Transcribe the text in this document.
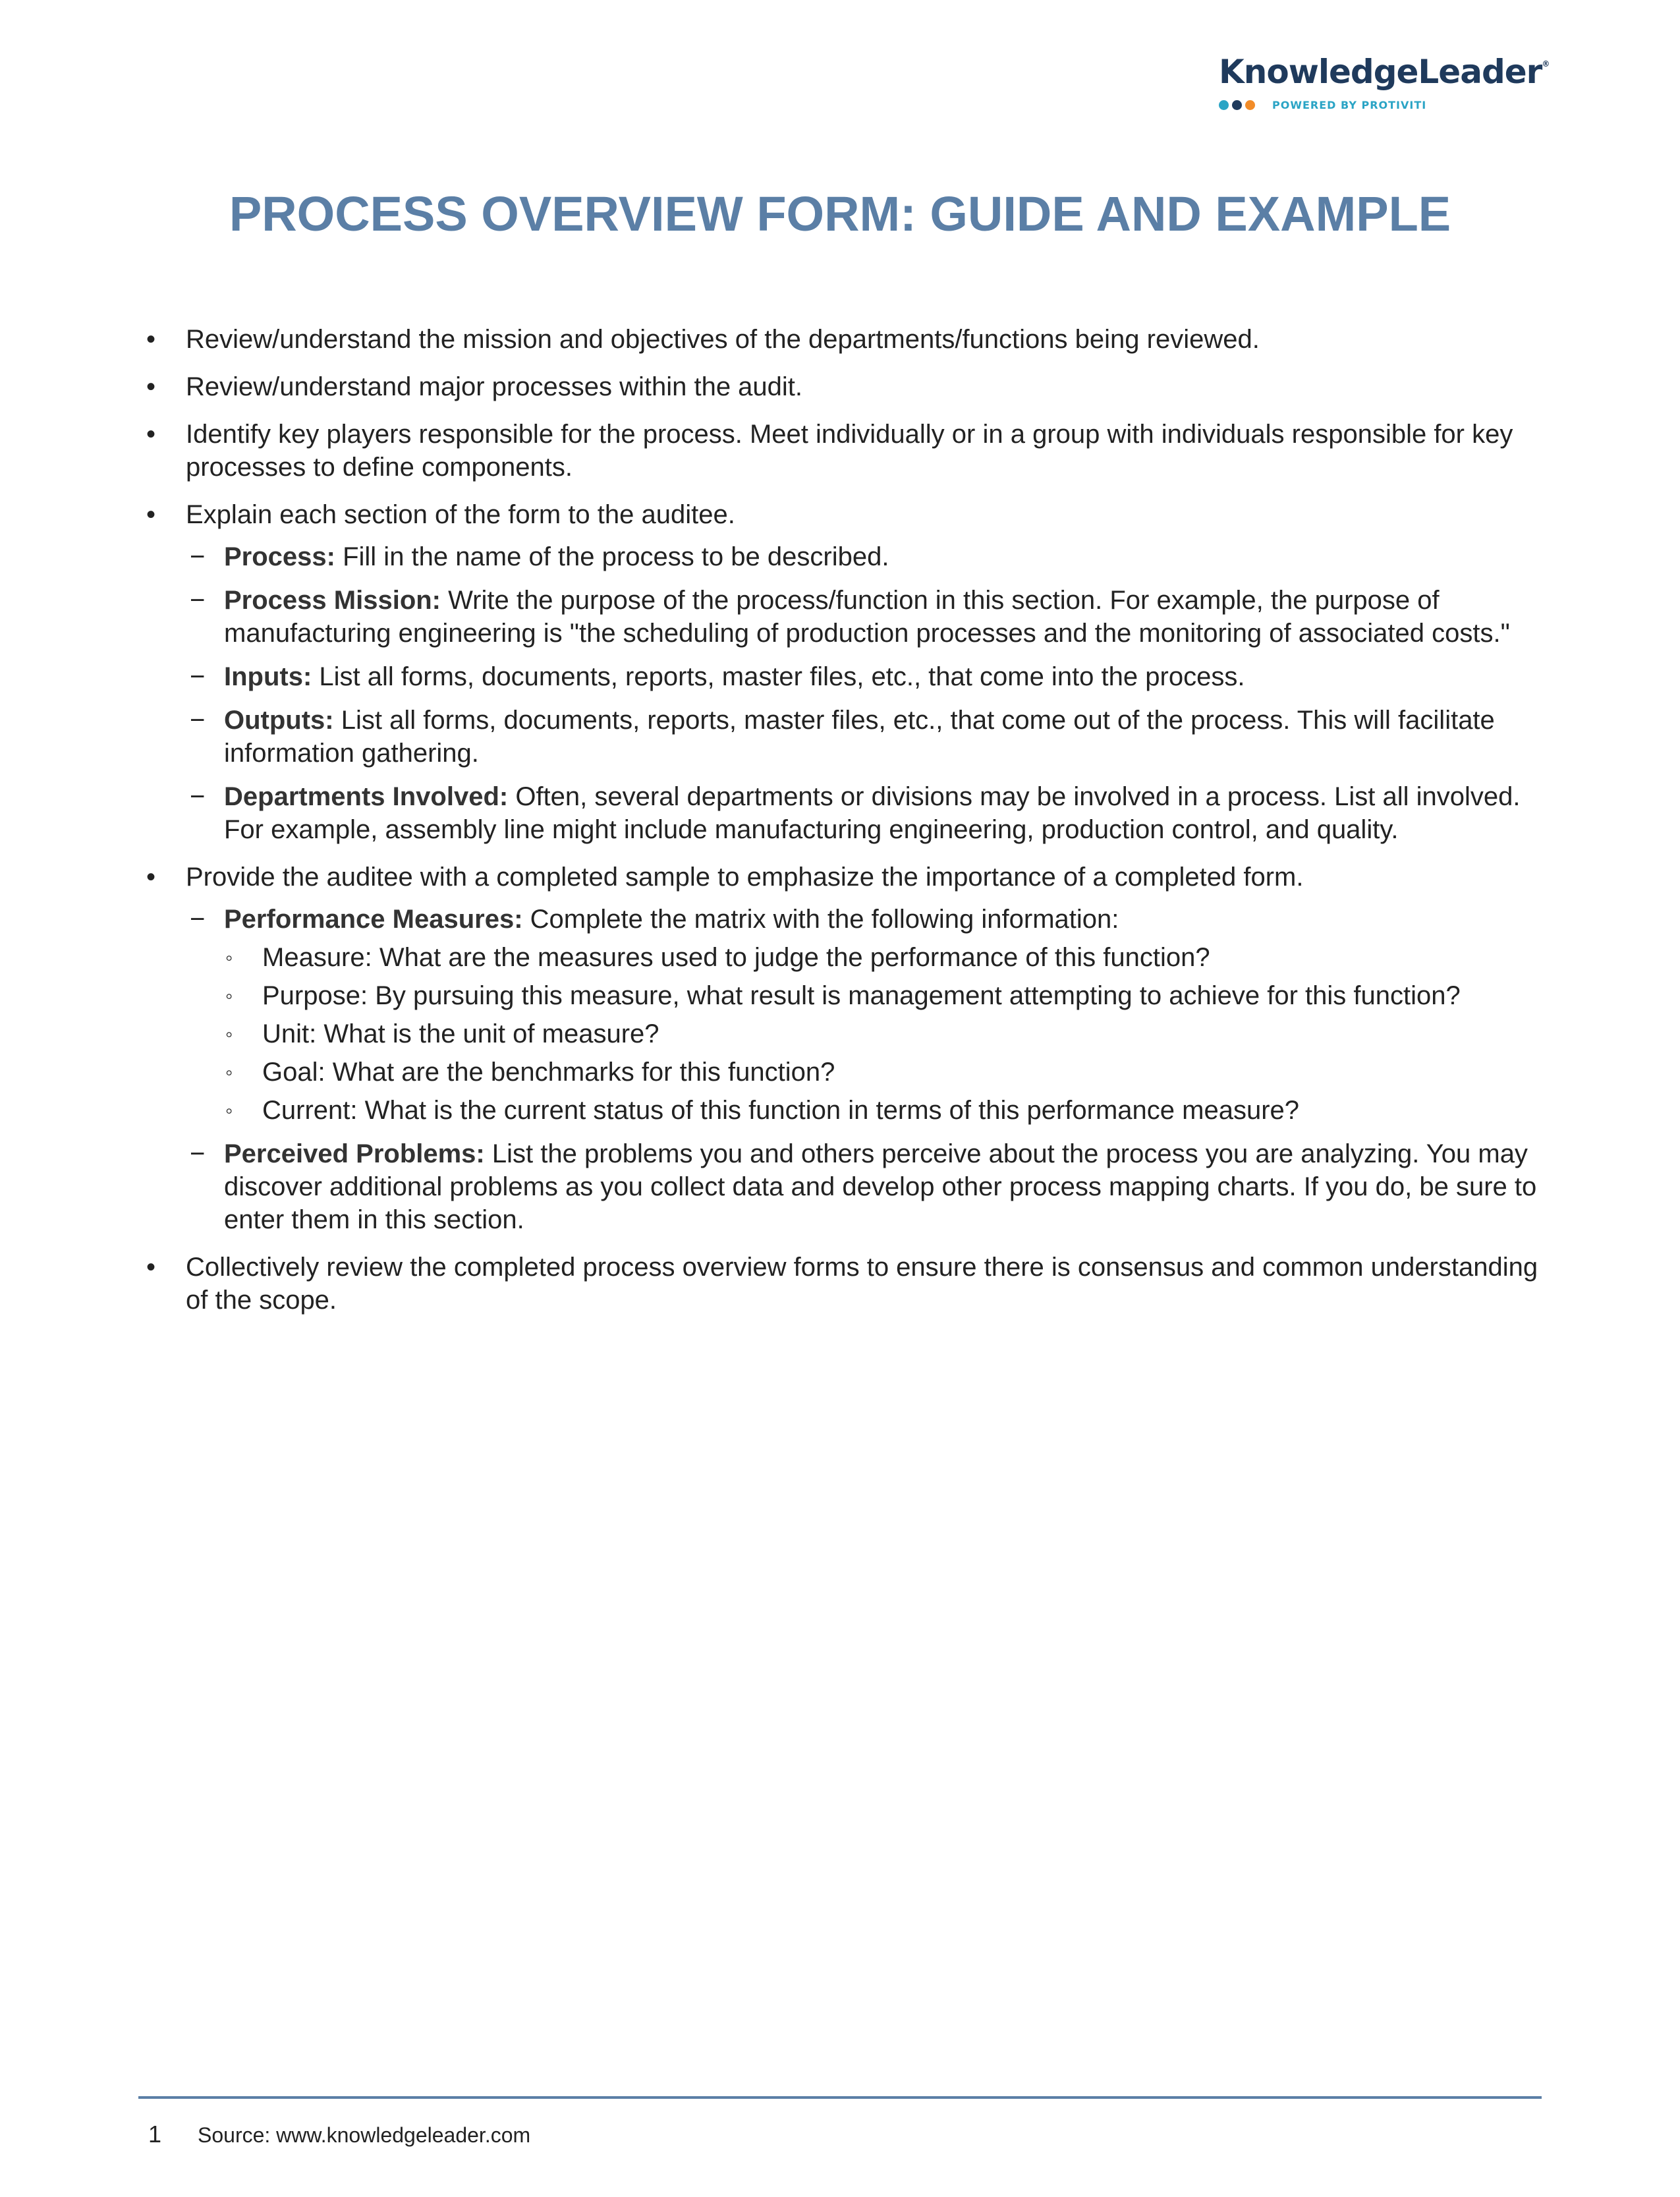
KnowledgeLeader®
POWERED BY PROTIVITI
PROCESS OVERVIEW FORM: GUIDE AND EXAMPLE
• Review/understand the mission and objectives of the departments/functions being reviewed.
• Review/understand major processes within the audit.
• Identify key players responsible for the process. Meet individually or in a group with individuals responsible for key processes to define components.
• Explain each section of the form to the auditee.
− Process: Fill in the name of the process to be described.
− Process Mission: Write the purpose of the process/function in this section. For example, the purpose of manufacturing engineering is "the scheduling of production processes and the monitoring of associated costs."
− Inputs: List all forms, documents, reports, master files, etc., that come into the process.
− Outputs: List all forms, documents, reports, master files, etc., that come out of the process. This will facilitate information gathering.
− Departments Involved: Often, several departments or divisions may be involved in a process. List all involved. For example, assembly line might include manufacturing engineering, production control, and quality.
• Provide the auditee with a completed sample to emphasize the importance of a completed form.
− Performance Measures: Complete the matrix with the following information:
◦ Measure: What are the measures used to judge the performance of this function?
◦ Purpose: By pursuing this measure, what result is management attempting to achieve for this function?
◦ Unit: What is the unit of measure?
◦ Goal: What are the benchmarks for this function?
◦ Current: What is the current status of this function in terms of this performance measure?
− Perceived Problems: List the problems you and others perceive about the process you are analyzing. You may discover additional problems as you collect data and develop other process mapping charts. If you do, be sure to enter them in this section.
• Collectively review the completed process overview forms to ensure there is consensus and common understanding of the scope.
1 Source: www.knowledgeleader.com
